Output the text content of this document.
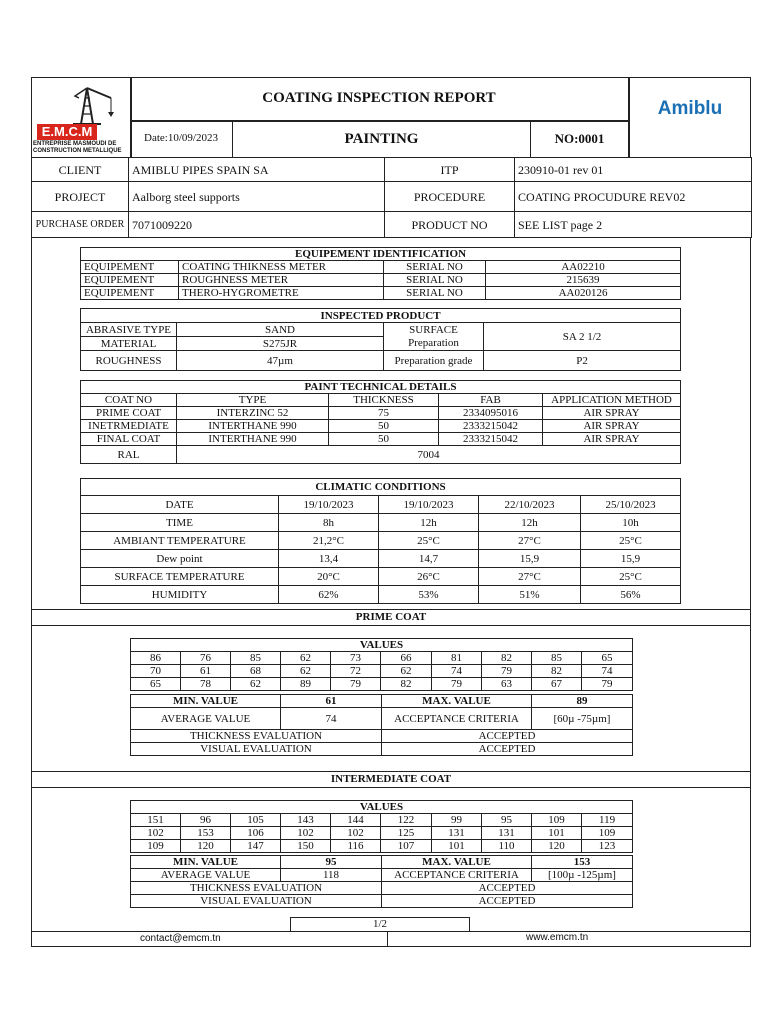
E.M.C.M
ENTREPRISE MASMOUDI DE
CONSTRUCTION METALLIQUE
COATING INSPECTION REPORT	Amiblu
Date:10/09/2023	PAINTING	NO:0001
CLIENT	AMIBLU PIPES SPAIN SA	ITP	230910-01 rev 01
PROJECT	Aalborg steel supports	PROCEDURE	COATING PROCUDURE REV02
PURCHASE ORDER	7071009220	PRODUCT NO	SEE LIST page 2
EQUIPEMENT IDENTIFICATION			
EQUIPEMENT	COATING THIKNESS METER	SERIAL NO	AA02210
EQUIPEMENT	ROUGHNESS METER	SERIAL NO	215639
EQUIPEMENT	THERO-HYGROMETRE	SERIAL NO	AA020126
INSPECTED PRODUCT			
ABRASIVE TYPE	SAND	SURFACE	SA 2 1/2
MATERIAL	S275JR	Preparation	
ROUGHNESS	47µm	Preparation grade	P2
PAINT TECHNICAL DETAILS				
COAT NO	TYPE	THICKNESS	FAB	APPLICATION METHOD
PRIME COAT	INTERZINC 52	75	2334095016	AIR SPRAY
INETRMEDIATE	INTERTHANE 990	50	2333215042	AIR SPRAY
FINAL COAT	INTERTHANE 990	50	2333215042	AIR SPRAY
RAL	7004			
CLIMATIC CONDITIONS				
DATE	19/10/2023	19/10/2023	22/10/2023	25/10/2023
TIME	8h	12h	12h	10h
AMBIANT TEMPERATURE	21,2°C	25°C	27°C	25°C
Dew point	13,4	14,7	15,9	15,9
SURFACE TEMPERATURE	20°C	26°C	27°C	25°C
HUMIDITY	62%	53%	51%	56%
PRIME COAT
VALUES									
86	76	85	62	73	66	81	82	85	65
70	61	68	62	72	62	74	79	82	74
65	78	62	89	79	82	79	63	67	79
MIN. VALUE	61	MAX. VALUE	89
AVERAGE VALUE	74	ACCEPTANCE CRITERIA	[60µ -75µm]
THICKNESS EVALUATION		ACCEPTED	
VISUAL EVALUATION		ACCEPTED	
INTERMEDIATE COAT
VALUES									
151	96	105	143	144	122	99	95	109	119
102	153	106	102	102	125	131	131	101	109
109	120	147	150	116	107	101	110	120	123
MIN. VALUE	95	MAX. VALUE	153
AVERAGE VALUE	118	ACCEPTANCE CRITERIA	[100µ -125µm]
THICKNESS EVALUATION		ACCEPTED	
VISUAL EVALUATION		ACCEPTED	
1/2
contact@emcm.tn	www.emcm.tn
